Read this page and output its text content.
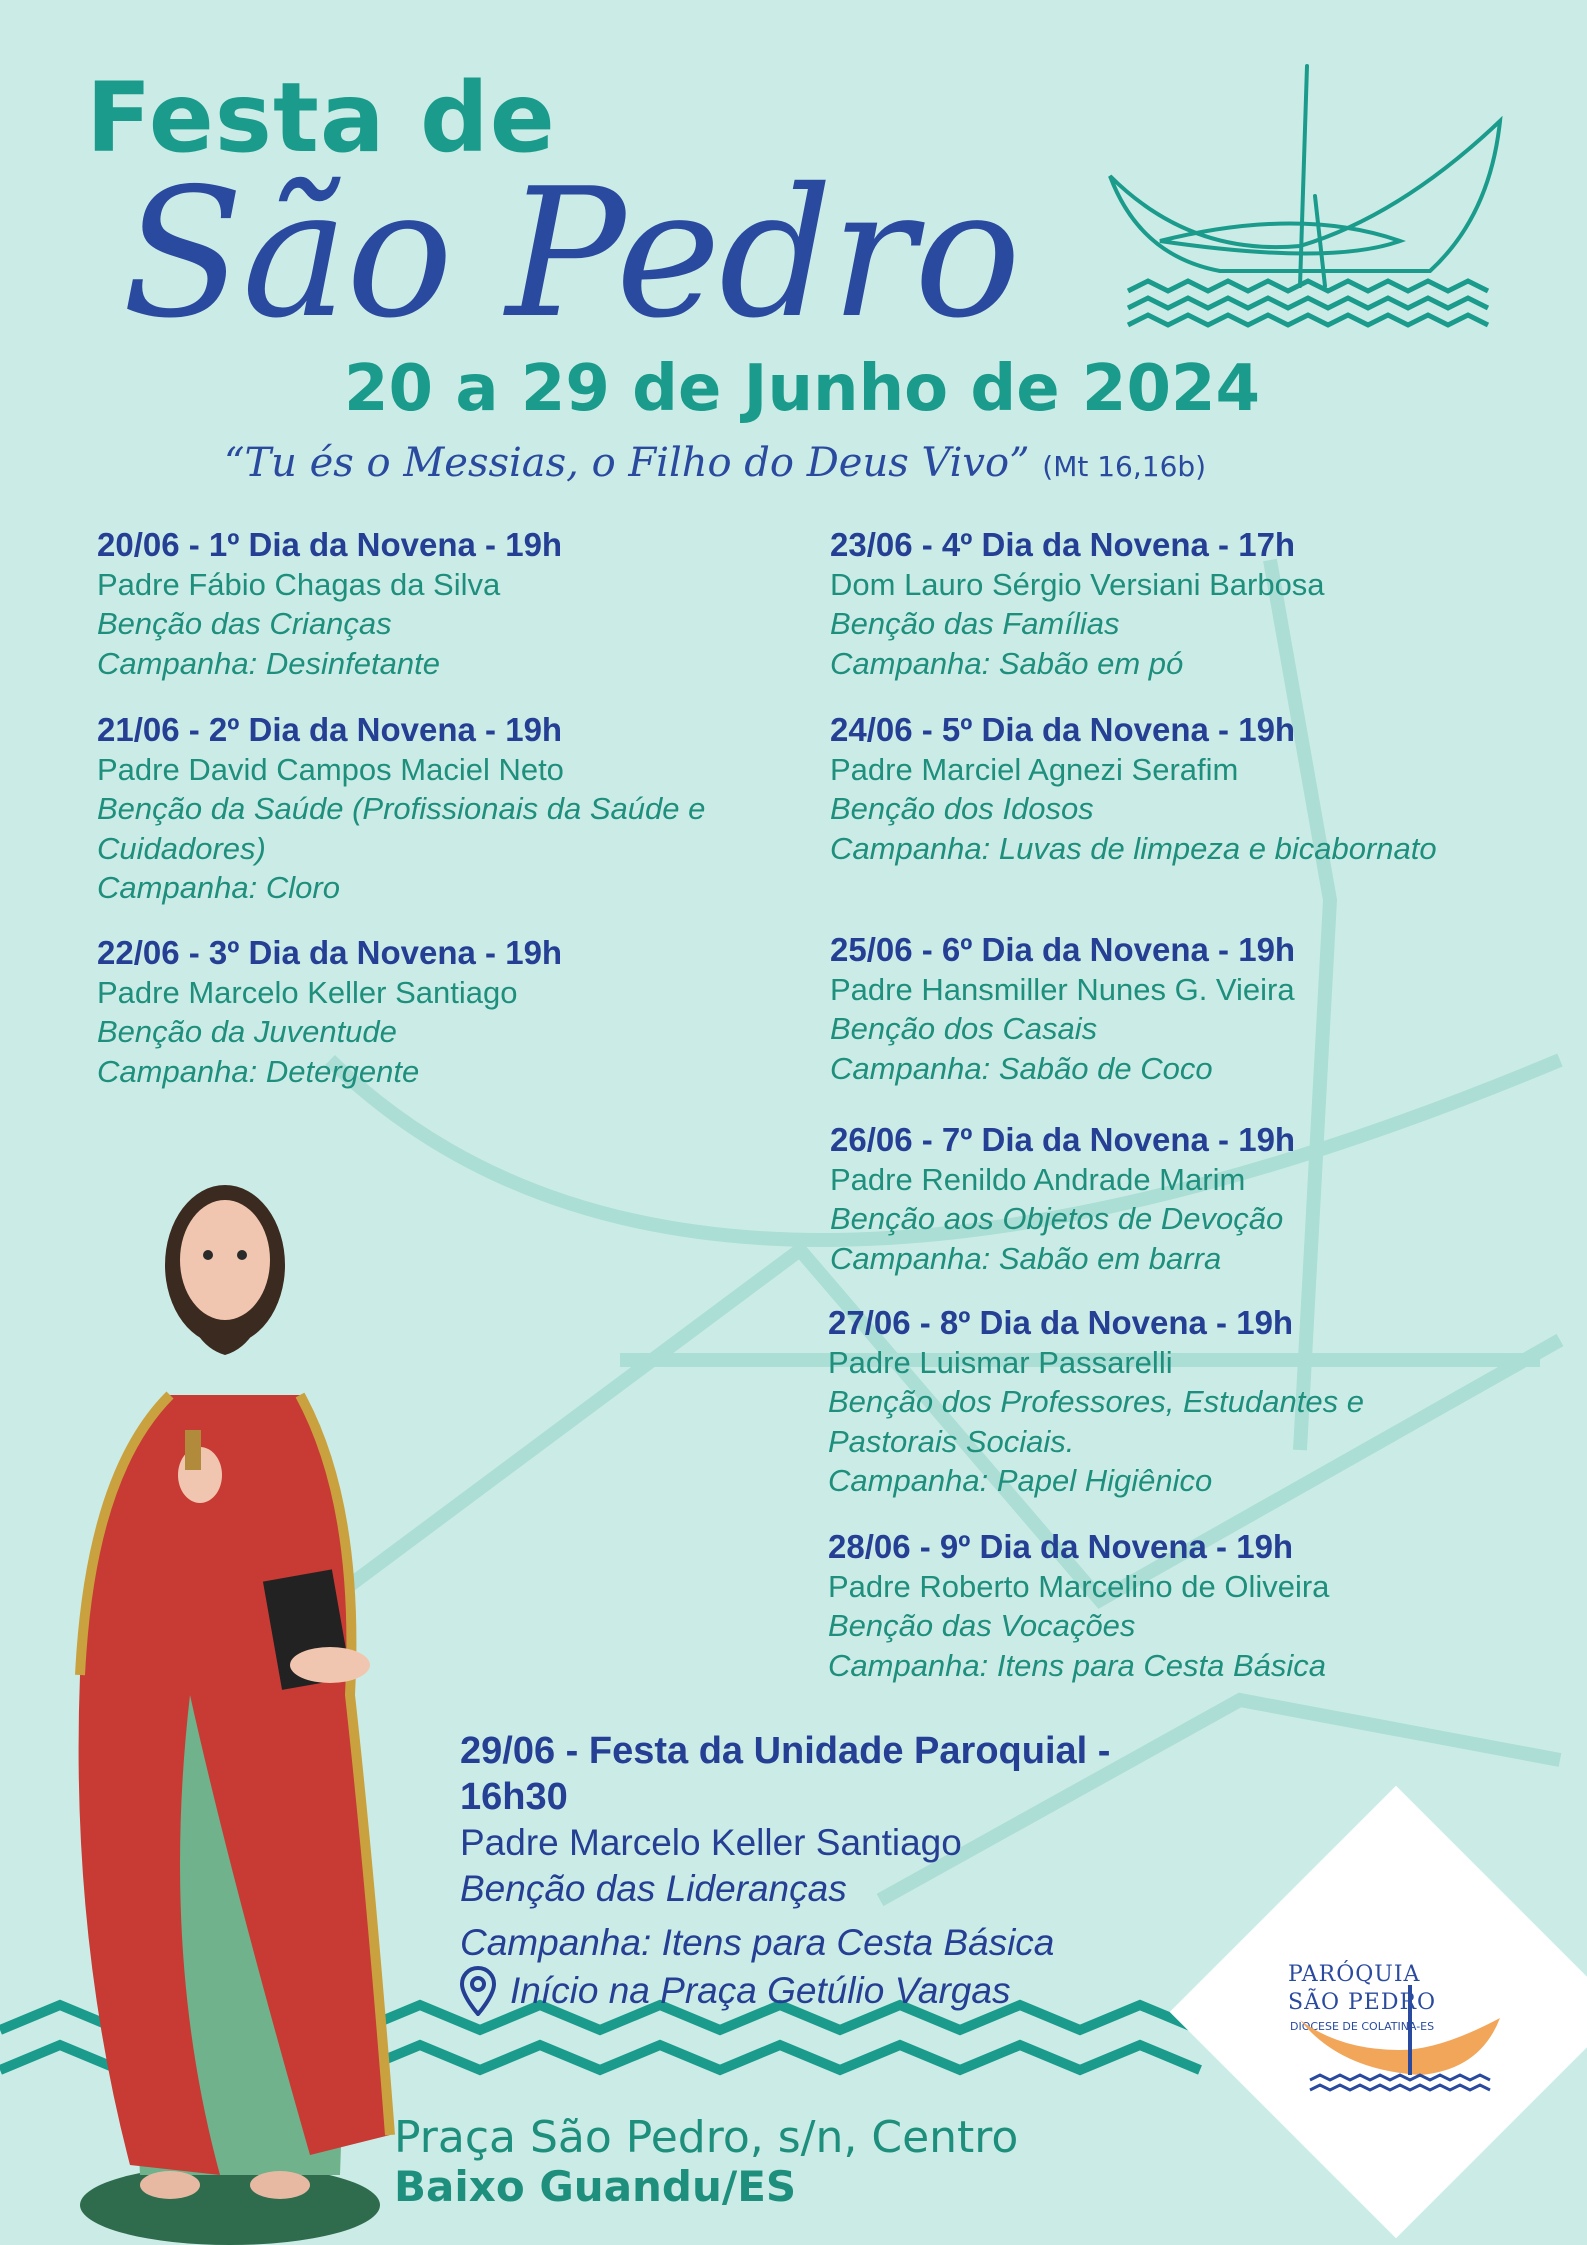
Festa de
São Pedro
20 a 29 de Junho de 2024
“Tu és o Messias, o Filho do Deus Vivo” (Mt 16,16b)
20/06 - 1º Dia da Novena - 19h
Padre Fábio Chagas da Silva
Benção das Crianças
Campanha: Desinfetante
21/06 - 2º Dia da Novena - 19h
Padre David Campos Maciel Neto
Benção da Saúde (Profissionais da Saúde e Cuidadores)
Campanha: Cloro
22/06 - 3º Dia da Novena - 19h
Padre Marcelo Keller Santiago
Benção da Juventude
Campanha: Detergente
23/06 - 4º Dia da Novena - 17h
Dom Lauro Sérgio Versiani Barbosa
Benção das Famílias
Campanha: Sabão em pó
24/06 - 5º Dia da Novena - 19h
Padre Marciel Agnezi Serafim
Benção dos Idosos
Campanha: Luvas de limpeza e bicabornato
25/06 - 6º Dia da Novena - 19h
Padre Hansmiller Nunes G. Vieira
Benção dos Casais
Campanha: Sabão de Coco
26/06 - 7º Dia da Novena - 19h
Padre Renildo Andrade Marim
Benção aos Objetos de Devoção
Campanha: Sabão em barra
27/06 - 8º Dia da Novena - 19h
Padre Luismar Passarelli
Benção dos Professores, Estudantes e Pastorais Sociais.
Campanha: Papel Higiênico
28/06 - 9º Dia da Novena - 19h
Padre Roberto Marcelino de Oliveira
Benção das Vocações
Campanha: Itens para Cesta Básica
29/06 - Festa da Unidade Paroquial - 16h30
Padre Marcelo Keller Santiago
Benção das Lideranças
Campanha: Itens para Cesta Básica
Início na Praça Getúlio Vargas
Praça São Pedro, s/n, Centro
Baixo Guandu/ES
PARÓQUIA
SÃO PEDRO
DIOCESE DE COLATINA-ES
